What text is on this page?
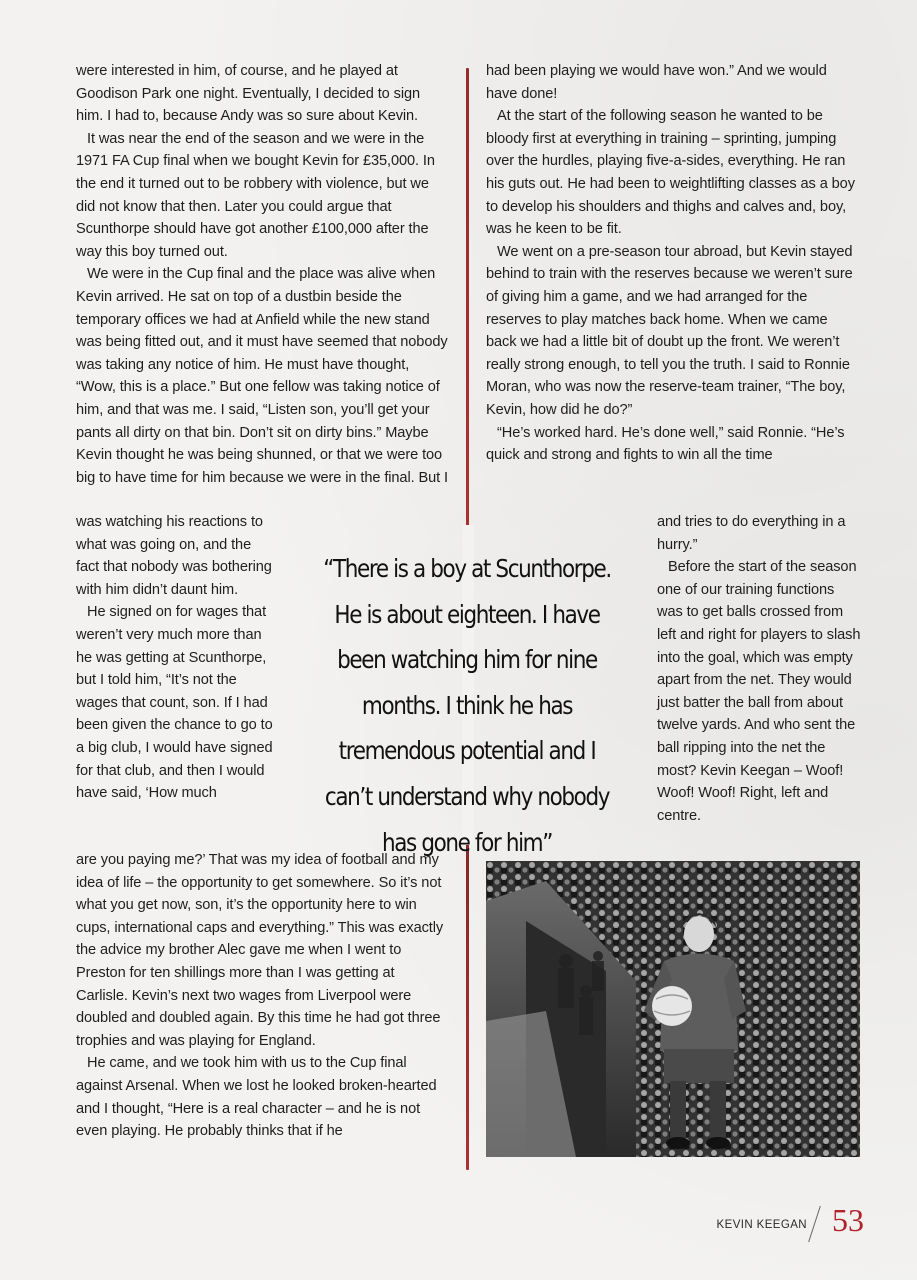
were interested in him, of course, and he played at Goodison Park one night. Eventually, I decided to sign him. I had to, because Andy was so sure about Kevin.

It was near the end of the season and we were in the 1971 FA Cup final when we bought Kevin for £35,000. In the end it turned out to be robbery with violence, but we did not know that then. Later you could argue that Scunthorpe should have got another £100,000 after the way this boy turned out.

We were in the Cup final and the place was alive when Kevin arrived. He sat on top of a dustbin beside the temporary offices we had at Anfield while the new stand was being fitted out, and it must have seemed that nobody was taking any notice of him. He must have thought, “Wow, this is a place.” But one fellow was taking notice of him, and that was me. I said, “Listen son, you’ll get your pants all dirty on that bin. Don’t sit on dirty bins.” Maybe Kevin thought he was being shunned, or that we were too big to have time for him because we were in the final. But I

was watching his reactions to what was going on, and the fact that nobody was bothering with him didn’t daunt him.

He signed on for wages that weren’t very much more than he was getting at Scunthorpe, but I told him, “It’s not the wages that count, son. If I had been given the chance to go to a big club, I would have signed for that club, and then I would have said, ‘How much

are you paying me?’ That was my idea of football and my idea of life – the opportunity to get somewhere. So it’s not what you get now, son, it’s the opportunity here to win cups, international caps and everything.” This was exactly the advice my brother Alec gave me when I went to Preston for ten shillings more than I was getting at Carlisle. Kevin’s next two wages from Liverpool were doubled and doubled again. By this time he had got three trophies and was playing for England.

He came, and we took him with us to the Cup final against Arsenal. When we lost he looked broken-hearted and I thought, “Here is a real character – and he is not even playing. He probably thinks that if he

had been playing we would have won.” And we would have done!

At the start of the following season he wanted to be bloody first at everything in training – sprinting, jumping over the hurdles, playing five-a-sides, everything. He ran his guts out. He had been to weightlifting classes as a boy to develop his shoulders and thighs and calves and, boy, was he keen to be fit.

We went on a pre-season tour abroad, but Kevin stayed behind to train with the reserves because we weren’t sure of giving him a game, and we had arranged for the reserves to play matches back home. When we came back we had a little bit of doubt up the front. We weren’t really strong enough, to tell you the truth. I said to Ronnie Moran, who was now the reserve-team trainer, “The boy, Kevin, how did he do?”

“He’s worked hard. He’s done well,” said Ronnie. “He’s quick and strong and fights to win all the time

and tries to do everything in a hurry.”

Before the start of the season one of our training functions was to get balls crossed from left and right for players to slash into the goal, which was empty apart from the net. They would just batter the ball from about twelve yards. And who sent the ball ripping into the net the most? Kevin Keegan – Woof! Woof! Woof! Right, left and centre.

“There is a boy at Scunthorpe. He is about eighteen. I have been watching him for nine months. I think he has tremendous potential and I can’t understand why nobody has gone for him”
KEVIN KEEGAN 53
